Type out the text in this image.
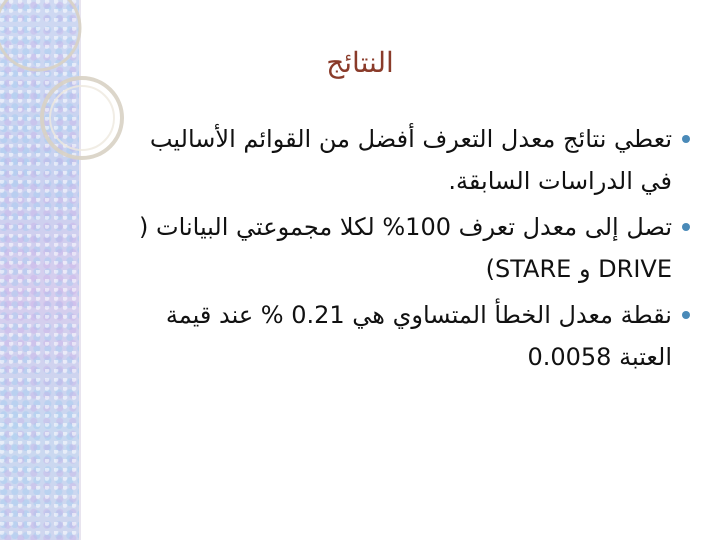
النتائج
تعطي نتائج معدل التعرف أفضل من القوائم الأساليب في الدراسات السابقة.
تصل إلى معدل تعرف 100% لكلا مجموعتي البيانات ( DRIVE و STARE)
نقطة معدل الخطأ المتساوي هي 0.21 % عند قيمة العتبة 0.0058
